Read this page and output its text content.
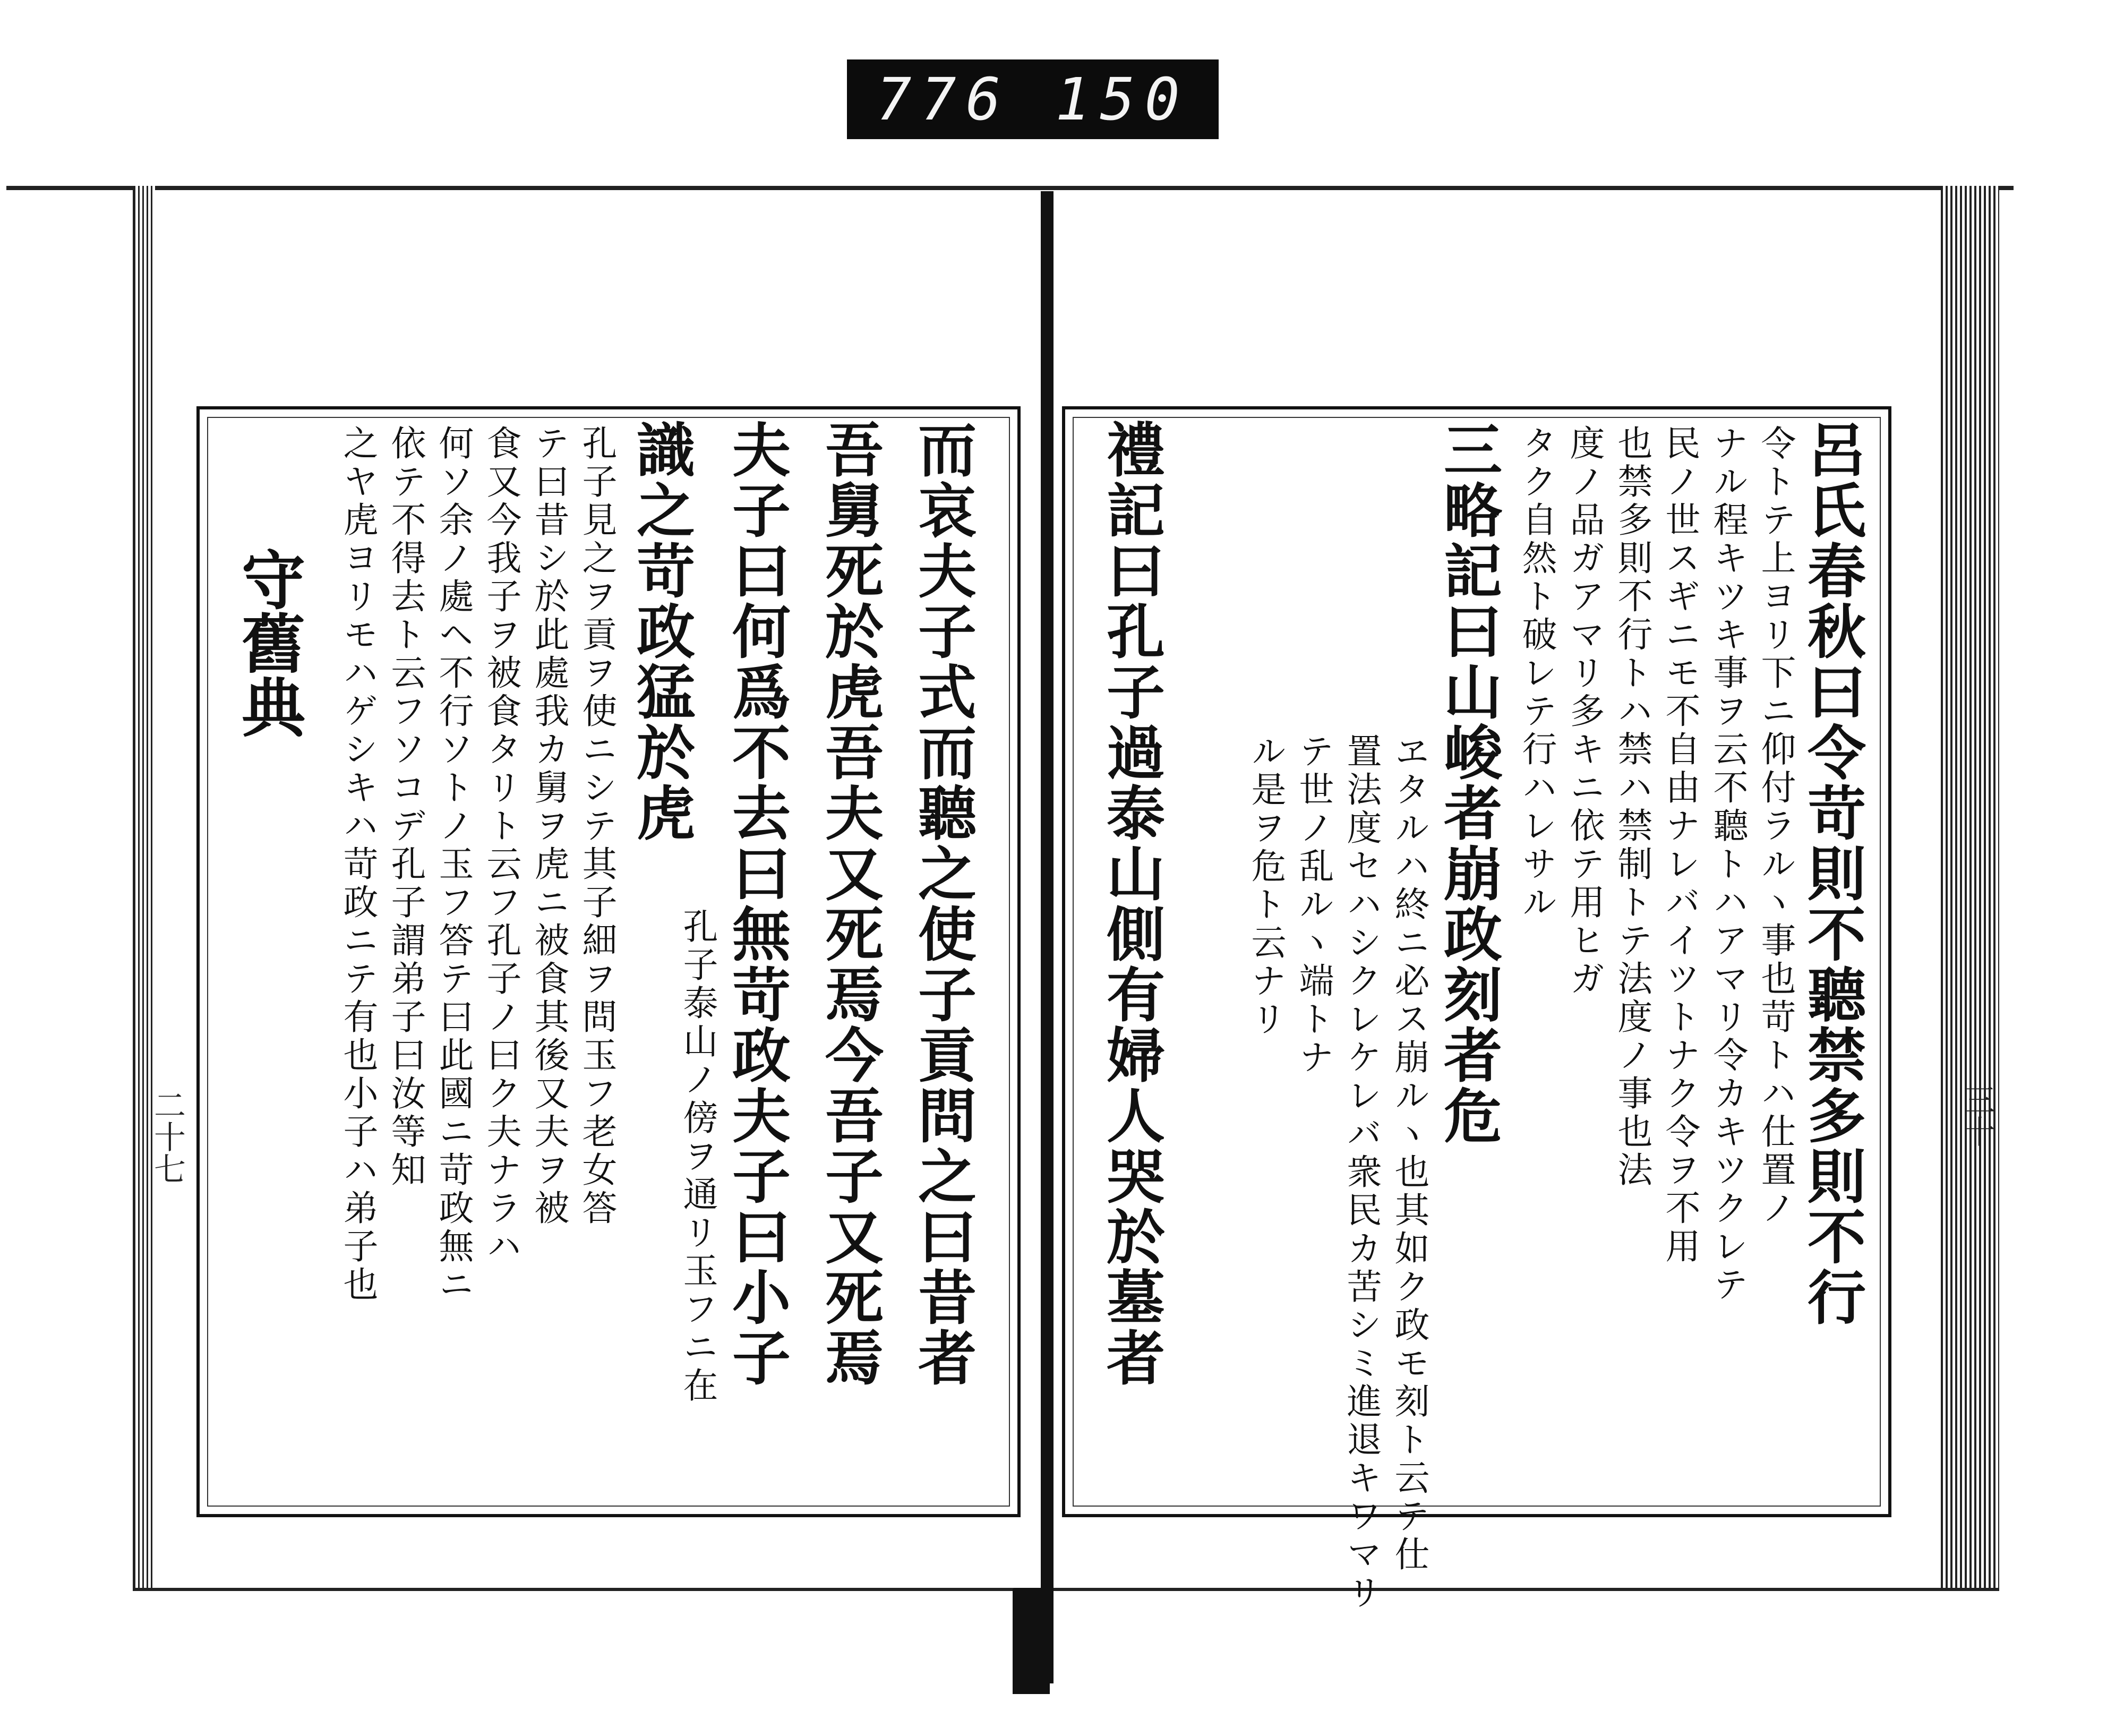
776 150
二十七	三十
呂氏春秋曰令苛則不聽禁多則不行
令トテ上ヨリ下ニ仰付ラルヽ事也苛トハ仕置ノ
ナル程キツキ事ヲ云不聽トハアマリ令カキツクレテ
民ノ世スギニモ不自由ナレバイツトナク令ヲ不用
也禁多則不行トハ禁ハ禁制トテ法度ノ事也法
度ノ品ガアマリ多キニ依テ用ヒガ
タク自然ト破レテ行ハレサル
三略記曰山峻者崩政刻者危
ヱタルハ終ニ必ス崩ルヽ也其如ク政モ刻ト云テ仕
置法度セハシクレケレバ衆民カ苦シミ進退キワマリ
テ世ノ乱ルヽ端トナ
ル是ヲ危ト云ナリ
禮記曰孔子過泰山側有婦人哭於墓者
而哀夫子式而聽之使子貢問之曰昔者
吾舅死於虎吾夫又死焉今吾子又死焉
夫子曰何爲不去曰無苛政夫子曰小子
識之苛政猛於虎
孔子泰山ノ傍ヲ通リ玉フニ在
孔子見之ヲ貢ヲ使ニシテ其子細ヲ問玉フ老女答
テ曰昔シ於此處我カ舅ヲ虎ニ被食其後又夫ヲ被
食又今我子ヲ被食タリト云フ孔子ノ曰ク夫ナラハ
何ソ余ノ處ヘ不行ソトノ玉フ答テ曰此國ニ苛政無ニ
依テ不得去ト云フソコデ孔子謂弟子曰汝等知
之ヤ虎ヨリモハゲシキハ苛政ニテ有也小子ハ弟子也
守舊典
